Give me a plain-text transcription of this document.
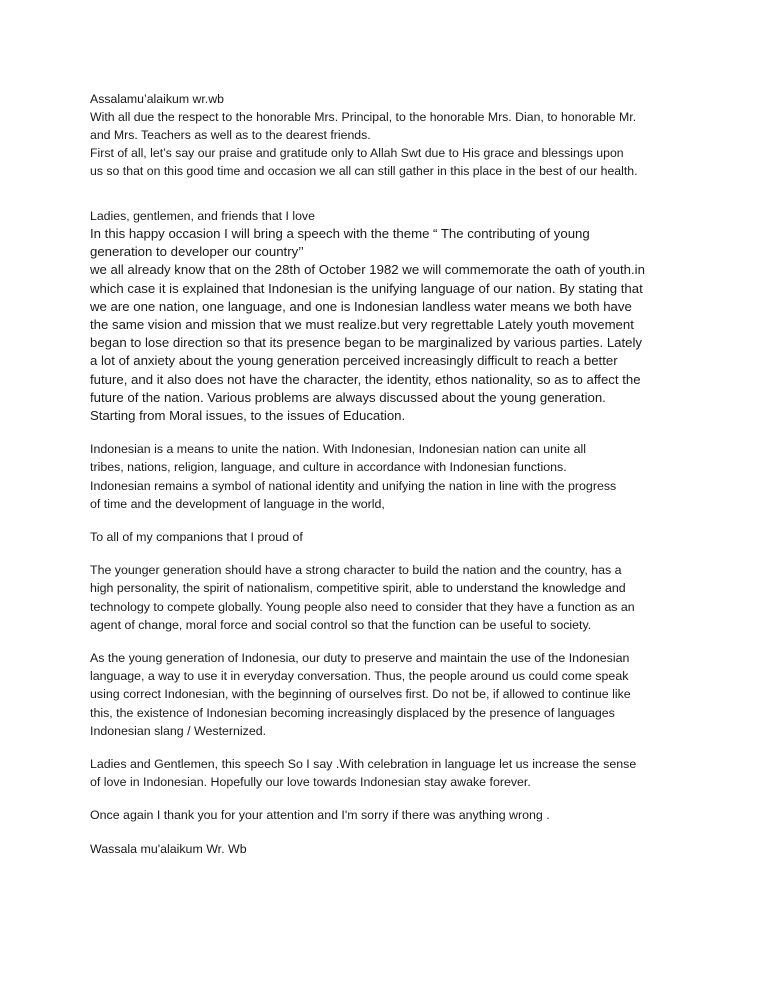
Assalamu’alaikum wr.wb
With all due the respect to the honorable Mrs. Principal, to the honorable Mrs. Dian, to honorable Mr.
and Mrs. Teachers as well as to the dearest friends.
First of all, let’s say our praise and gratitude only to Allah Swt due to His grace and blessings upon
us so that on this good time and occasion we all can still gather in this place in the best of our health.
Ladies, gentlemen, and friends that I love
In this happy occasion I will bring a speech with the theme “ The contributing of young
generation to developer our country’’
we all already know that on the 28th of October 1982 we will commemorate the oath of youth.in
which case it is explained that Indonesian is the unifying language of our nation. By stating that
we are one nation, one language, and one is Indonesian landless water means we both have
the same vision and mission that we must realize.but very regrettable Lately youth movement
began to lose direction so that its presence began to be marginalized by various parties. Lately
a lot of anxiety about the young generation perceived increasingly difficult to reach a better
future, and it also does not have the character, the identity, ethos nationality, so as to affect the
future of the nation. Various problems are always discussed about the young generation.
Starting from Moral issues, to the issues of Education.
Indonesian is a means to unite the nation. With Indonesian, Indonesian nation can unite all
tribes, nations, religion, language, and culture in accordance with Indonesian functions.
Indonesian remains a symbol of national identity and unifying the nation in line with the progress
of time and the development of language in the world,
To all of my companions that I proud of
The younger generation should have a strong character to build the nation and the country, has a
high personality, the spirit of nationalism, competitive spirit, able to understand the knowledge and
technology to compete globally. Young people also need to consider that they have a function as an
agent of change, moral force and social control so that the function can be useful to society.
As the young generation of Indonesia, our duty to preserve and maintain the use of the Indonesian
language, a way to use it in everyday conversation. Thus, the people around us could come speak
using correct Indonesian, with the beginning of ourselves first. Do not be, if allowed to continue like
this, the existence of Indonesian becoming increasingly displaced by the presence of languages
Indonesian slang / Westernized.
Ladies and Gentlemen, this speech So I say .With celebration in language let us increase the sense
of love in Indonesian. Hopefully our love towards Indonesian stay awake forever.
Once again I thank you for your attention and I'm sorry if there was anything wrong .
Wassala mu'alaikum Wr. Wb
